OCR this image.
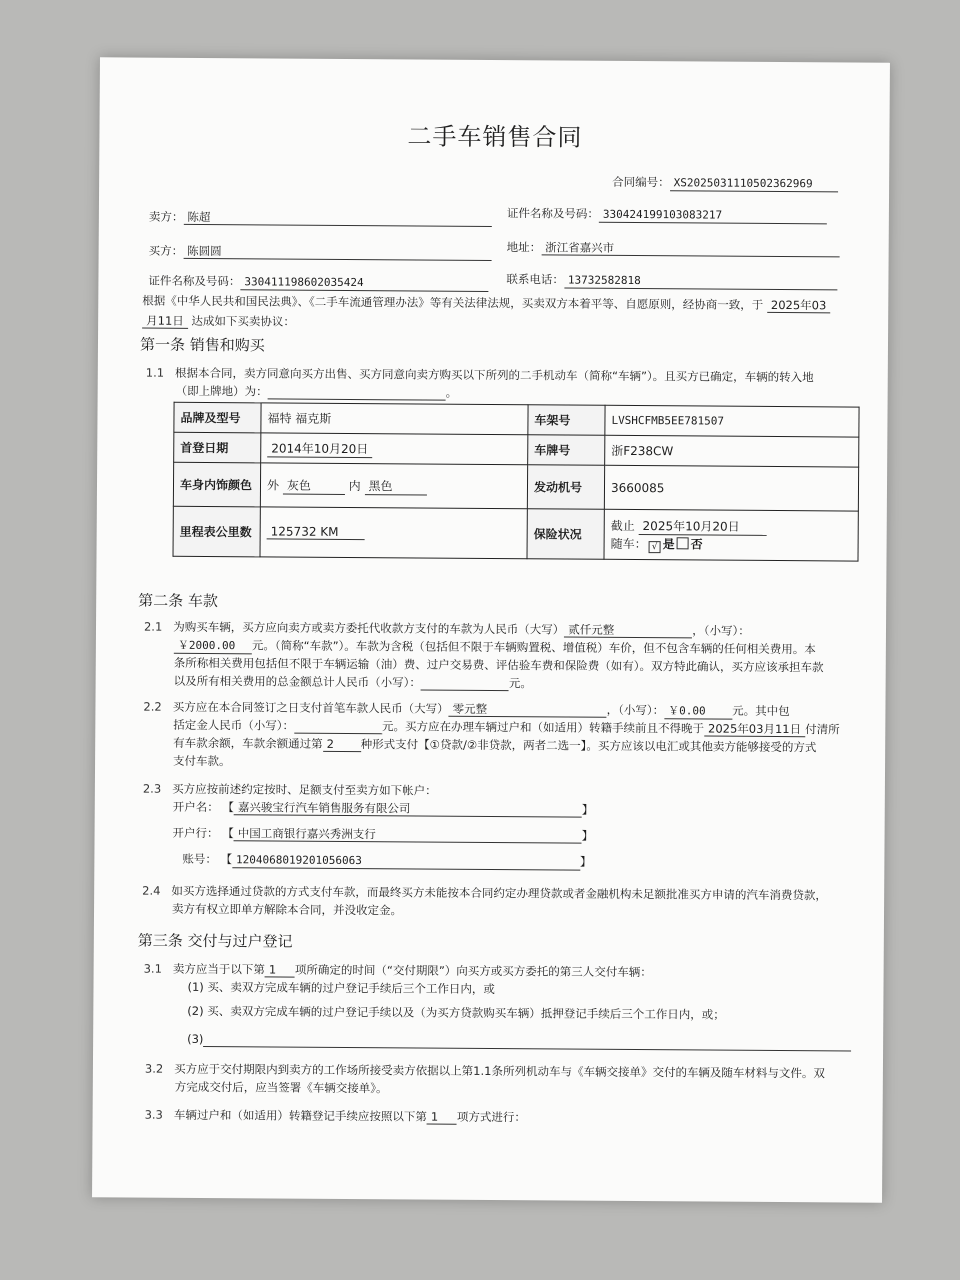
二手车销售合同
合同编号： XS2025031110502362969
卖方： 陈超	证件名称及号码： 330424199103083217
买方： 陈圆圆	地址： 浙江省嘉兴市
证件名称及号码： 330411198602035424	联系电话： 13732582818
根据《中华人民共和国民法典》、《二手车流通管理办法》等有关法律法规，买卖双方本着平等、自愿原则，经协商一致，于 2025年03
月11日 达成如下买卖协议：
第一条 销售和购买
1.1 根据本合同，卖方同意向买方出售、买方同意向卖方购买以下所列的二手机动车（简称“车辆”）。且买方已确定，车辆的转入地
（即上牌地）为：	。
品牌及型号	福特 福克斯	车架号	LVSHCFMB5EE781507
首登日期	2014年10月20日	车牌号	浙F238CW
车身内饰颜色	外 灰色 内 黑色	发动机号	3660085
里程表公里数	125732 KM	保险状况	截止 2025年10月20日
随车： √ 是 否
第二条 车款
2.1 为购买车辆，买方应向卖方或卖方委托代收款方支付的车款为人民币（大写） 贰仟元整	，（小写）：
￥2000.00 元。（简称“车款”）。车款为含税（包括但不限于车辆购置税、增值税）车价，但不包含车辆的任何相关费用。本
条所称相关费用包括但不限于车辆运输（油）费、过户交易费、评估验车费和保险费（如有）。双方特此确认，买方应该承担车款
以及所有相关费用的总金额总计人民币（小写）：	元。
2.2 买方应在本合同签订之日支付首笔车款人民币（大写） 零元整	，（小写）： ￥0.00 元。其中包
括定金人民币（小写）：	元。买方应在办理车辆过户和（如适用）转籍手续前且不得晚于 2025年03月11日 付清所
有车款余额，车款余额通过第 2 种形式支付【①贷款/②非贷款，两者二选一】。买方应该以电汇或其他卖方能够接受的方式
支付车款。
2.3 买方应按前述约定按时、足额支付至卖方如下帐户：
开户名： 【 嘉兴骏宝行汽车销售服务有限公司	】
开户行： 【 中国工商银行嘉兴秀洲支行	】
账号： 【 1204068019201056063	】
2.4 如买方选择通过贷款的方式支付车款，而最终买方未能按本合同约定办理贷款或者金融机构未足额批准买方申请的汽车消费贷款，
卖方有权立即单方解除本合同，并没收定金。
第三条 交付与过户登记
3.1 卖方应当于以下第 1 项所确定的时间（“交付期限”）向买方或买方委托的第三人交付车辆：
(1) 买、卖双方完成车辆的过户登记手续后三个工作日内，或
(2) 买、卖双方完成车辆的过户登记手续以及（为买方贷款购买车辆）抵押登记手续后三个工作日内，或；
(3)
3.2 买方应于交付期限内到卖方的工作场所接受卖方依据以上第1.1条所列机动车与《车辆交接单》交付的车辆及随车材料与文件。双
方完成交付后，应当签署《车辆交接单》。
3.3 车辆过户和（如适用）转籍登记手续应按照以下第 1 项方式进行：
